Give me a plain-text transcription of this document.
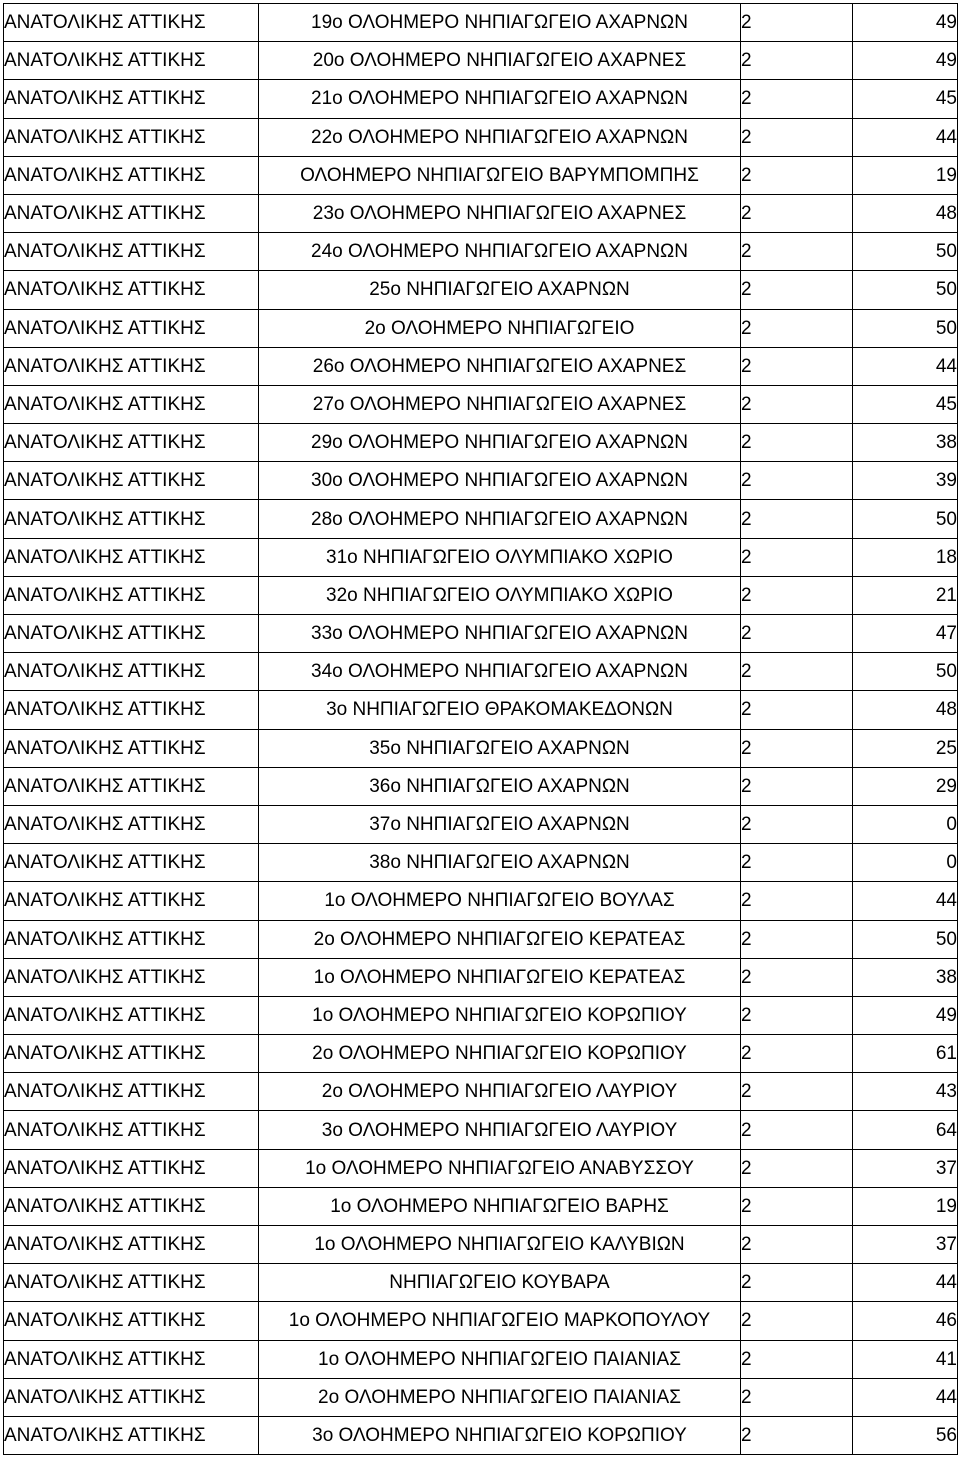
ΑΝΑΤΟΛΙΚΗΣ ΑΤΤΙΚΗΣ	19ο ΟΛΟΗΜΕΡΟ ΝΗΠΙΑΓΩΓΕΙΟ ΑΧΑΡΝΩΝ	2	49
ΑΝΑΤΟΛΙΚΗΣ ΑΤΤΙΚΗΣ	20ο ΟΛΟΗΜΕΡΟ ΝΗΠΙΑΓΩΓΕΙΟ ΑΧΑΡΝΕΣ	2	49
ΑΝΑΤΟΛΙΚΗΣ ΑΤΤΙΚΗΣ	21ο ΟΛΟΗΜΕΡΟ ΝΗΠΙΑΓΩΓΕΙΟ ΑΧΑΡΝΩΝ	2	45
ΑΝΑΤΟΛΙΚΗΣ ΑΤΤΙΚΗΣ	22ο ΟΛΟΗΜΕΡΟ ΝΗΠΙΑΓΩΓΕΙΟ ΑΧΑΡΝΩΝ	2	44
ΑΝΑΤΟΛΙΚΗΣ ΑΤΤΙΚΗΣ	ΟΛΟΗΜΕΡΟ ΝΗΠΙΑΓΩΓΕΙΟ ΒΑΡΥΜΠΟΜΠΗΣ	2	19
ΑΝΑΤΟΛΙΚΗΣ ΑΤΤΙΚΗΣ	23ο ΟΛΟΗΜΕΡΟ ΝΗΠΙΑΓΩΓΕΙΟ ΑΧΑΡΝΕΣ	2	48
ΑΝΑΤΟΛΙΚΗΣ ΑΤΤΙΚΗΣ	24ο ΟΛΟΗΜΕΡΟ ΝΗΠΙΑΓΩΓΕΙΟ ΑΧΑΡΝΩΝ	2	50
ΑΝΑΤΟΛΙΚΗΣ ΑΤΤΙΚΗΣ	25ο ΝΗΠΙΑΓΩΓΕΙΟ ΑΧΑΡΝΩΝ	2	50
ΑΝΑΤΟΛΙΚΗΣ ΑΤΤΙΚΗΣ	2ο ΟΛΟΗΜΕΡΟ ΝΗΠΙΑΓΩΓΕΙΟ	2	50
ΑΝΑΤΟΛΙΚΗΣ ΑΤΤΙΚΗΣ	26ο ΟΛΟΗΜΕΡΟ ΝΗΠΙΑΓΩΓΕΙΟ ΑΧΑΡΝΕΣ	2	44
ΑΝΑΤΟΛΙΚΗΣ ΑΤΤΙΚΗΣ	27ο ΟΛΟΗΜΕΡΟ ΝΗΠΙΑΓΩΓΕΙΟ ΑΧΑΡΝΕΣ	2	45
ΑΝΑΤΟΛΙΚΗΣ ΑΤΤΙΚΗΣ	29ο ΟΛΟΗΜΕΡΟ ΝΗΠΙΑΓΩΓΕΙΟ ΑΧΑΡΝΩΝ	2	38
ΑΝΑΤΟΛΙΚΗΣ ΑΤΤΙΚΗΣ	30ο ΟΛΟΗΜΕΡΟ ΝΗΠΙΑΓΩΓΕΙΟ ΑΧΑΡΝΩΝ	2	39
ΑΝΑΤΟΛΙΚΗΣ ΑΤΤΙΚΗΣ	28ο ΟΛΟΗΜΕΡΟ ΝΗΠΙΑΓΩΓΕΙΟ ΑΧΑΡΝΩΝ	2	50
ΑΝΑΤΟΛΙΚΗΣ ΑΤΤΙΚΗΣ	31ο ΝΗΠΙΑΓΩΓΕΙΟ ΟΛΥΜΠΙΑΚΟ ΧΩΡΙΟ	2	18
ΑΝΑΤΟΛΙΚΗΣ ΑΤΤΙΚΗΣ	32ο ΝΗΠΙΑΓΩΓΕΙΟ ΟΛΥΜΠΙΑΚΟ ΧΩΡΙΟ	2	21
ΑΝΑΤΟΛΙΚΗΣ ΑΤΤΙΚΗΣ	33ο ΟΛΟΗΜΕΡΟ ΝΗΠΙΑΓΩΓΕΙΟ ΑΧΑΡΝΩΝ	2	47
ΑΝΑΤΟΛΙΚΗΣ ΑΤΤΙΚΗΣ	34ο ΟΛΟΗΜΕΡΟ ΝΗΠΙΑΓΩΓΕΙΟ ΑΧΑΡΝΩΝ	2	50
ΑΝΑΤΟΛΙΚΗΣ ΑΤΤΙΚΗΣ	3ο ΝΗΠΙΑΓΩΓΕΙΟ ΘΡΑΚΟΜΑΚΕΔΟΝΩΝ	2	48
ΑΝΑΤΟΛΙΚΗΣ ΑΤΤΙΚΗΣ	35ο ΝΗΠΙΑΓΩΓΕΙΟ ΑΧΑΡΝΩΝ	2	25
ΑΝΑΤΟΛΙΚΗΣ ΑΤΤΙΚΗΣ	36ο ΝΗΠΙΑΓΩΓΕΙΟ ΑΧΑΡΝΩΝ	2	29
ΑΝΑΤΟΛΙΚΗΣ ΑΤΤΙΚΗΣ	37ο ΝΗΠΙΑΓΩΓΕΙΟ ΑΧΑΡΝΩΝ	2	0
ΑΝΑΤΟΛΙΚΗΣ ΑΤΤΙΚΗΣ	38ο ΝΗΠΙΑΓΩΓΕΙΟ ΑΧΑΡΝΩΝ	2	0
ΑΝΑΤΟΛΙΚΗΣ ΑΤΤΙΚΗΣ	1ο ΟΛΟΗΜΕΡΟ ΝΗΠΙΑΓΩΓΕΙΟ ΒΟΥΛΑΣ	2	44
ΑΝΑΤΟΛΙΚΗΣ ΑΤΤΙΚΗΣ	2ο ΟΛΟΗΜΕΡΟ ΝΗΠΙΑΓΩΓΕΙΟ ΚΕΡΑΤΕΑΣ	2	50
ΑΝΑΤΟΛΙΚΗΣ ΑΤΤΙΚΗΣ	1ο ΟΛΟΗΜΕΡΟ ΝΗΠΙΑΓΩΓΕΙΟ ΚΕΡΑΤΕΑΣ	2	38
ΑΝΑΤΟΛΙΚΗΣ ΑΤΤΙΚΗΣ	1ο ΟΛΟΗΜΕΡΟ ΝΗΠΙΑΓΩΓΕΙΟ ΚΟΡΩΠΙΟΥ	2	49
ΑΝΑΤΟΛΙΚΗΣ ΑΤΤΙΚΗΣ	2ο ΟΛΟΗΜΕΡΟ ΝΗΠΙΑΓΩΓΕΙΟ ΚΟΡΩΠΙΟΥ	2	61
ΑΝΑΤΟΛΙΚΗΣ ΑΤΤΙΚΗΣ	2ο ΟΛΟΗΜΕΡΟ ΝΗΠΙΑΓΩΓΕΙΟ ΛΑΥΡΙΟΥ	2	43
ΑΝΑΤΟΛΙΚΗΣ ΑΤΤΙΚΗΣ	3ο ΟΛΟΗΜΕΡΟ ΝΗΠΙΑΓΩΓΕΙΟ ΛΑΥΡΙΟΥ	2	64
ΑΝΑΤΟΛΙΚΗΣ ΑΤΤΙΚΗΣ	1ο ΟΛΟΗΜΕΡΟ ΝΗΠΙΑΓΩΓΕΙΟ ΑΝΑΒΥΣΣΟΥ	2	37
ΑΝΑΤΟΛΙΚΗΣ ΑΤΤΙΚΗΣ	1ο ΟΛΟΗΜΕΡΟ ΝΗΠΙΑΓΩΓΕΙΟ ΒΑΡΗΣ	2	19
ΑΝΑΤΟΛΙΚΗΣ ΑΤΤΙΚΗΣ	1ο ΟΛΟΗΜΕΡΟ ΝΗΠΙΑΓΩΓΕΙΟ ΚΑΛΥΒΙΩΝ	2	37
ΑΝΑΤΟΛΙΚΗΣ ΑΤΤΙΚΗΣ	ΝΗΠΙΑΓΩΓΕΙΟ ΚΟΥΒΑΡΑ	2	44
ΑΝΑΤΟΛΙΚΗΣ ΑΤΤΙΚΗΣ	1ο ΟΛΟΗΜΕΡΟ ΝΗΠΙΑΓΩΓΕΙΟ ΜΑΡΚΟΠΟΥΛΟΥ	2	46
ΑΝΑΤΟΛΙΚΗΣ ΑΤΤΙΚΗΣ	1ο ΟΛΟΗΜΕΡΟ ΝΗΠΙΑΓΩΓΕΙΟ ΠΑΙΑΝΙΑΣ	2	41
ΑΝΑΤΟΛΙΚΗΣ ΑΤΤΙΚΗΣ	2ο ΟΛΟΗΜΕΡΟ ΝΗΠΙΑΓΩΓΕΙΟ ΠΑΙΑΝΙΑΣ	2	44
ΑΝΑΤΟΛΙΚΗΣ ΑΤΤΙΚΗΣ	3ο ΟΛΟΗΜΕΡΟ ΝΗΠΙΑΓΩΓΕΙΟ ΚΟΡΩΠΙΟΥ	2	56
